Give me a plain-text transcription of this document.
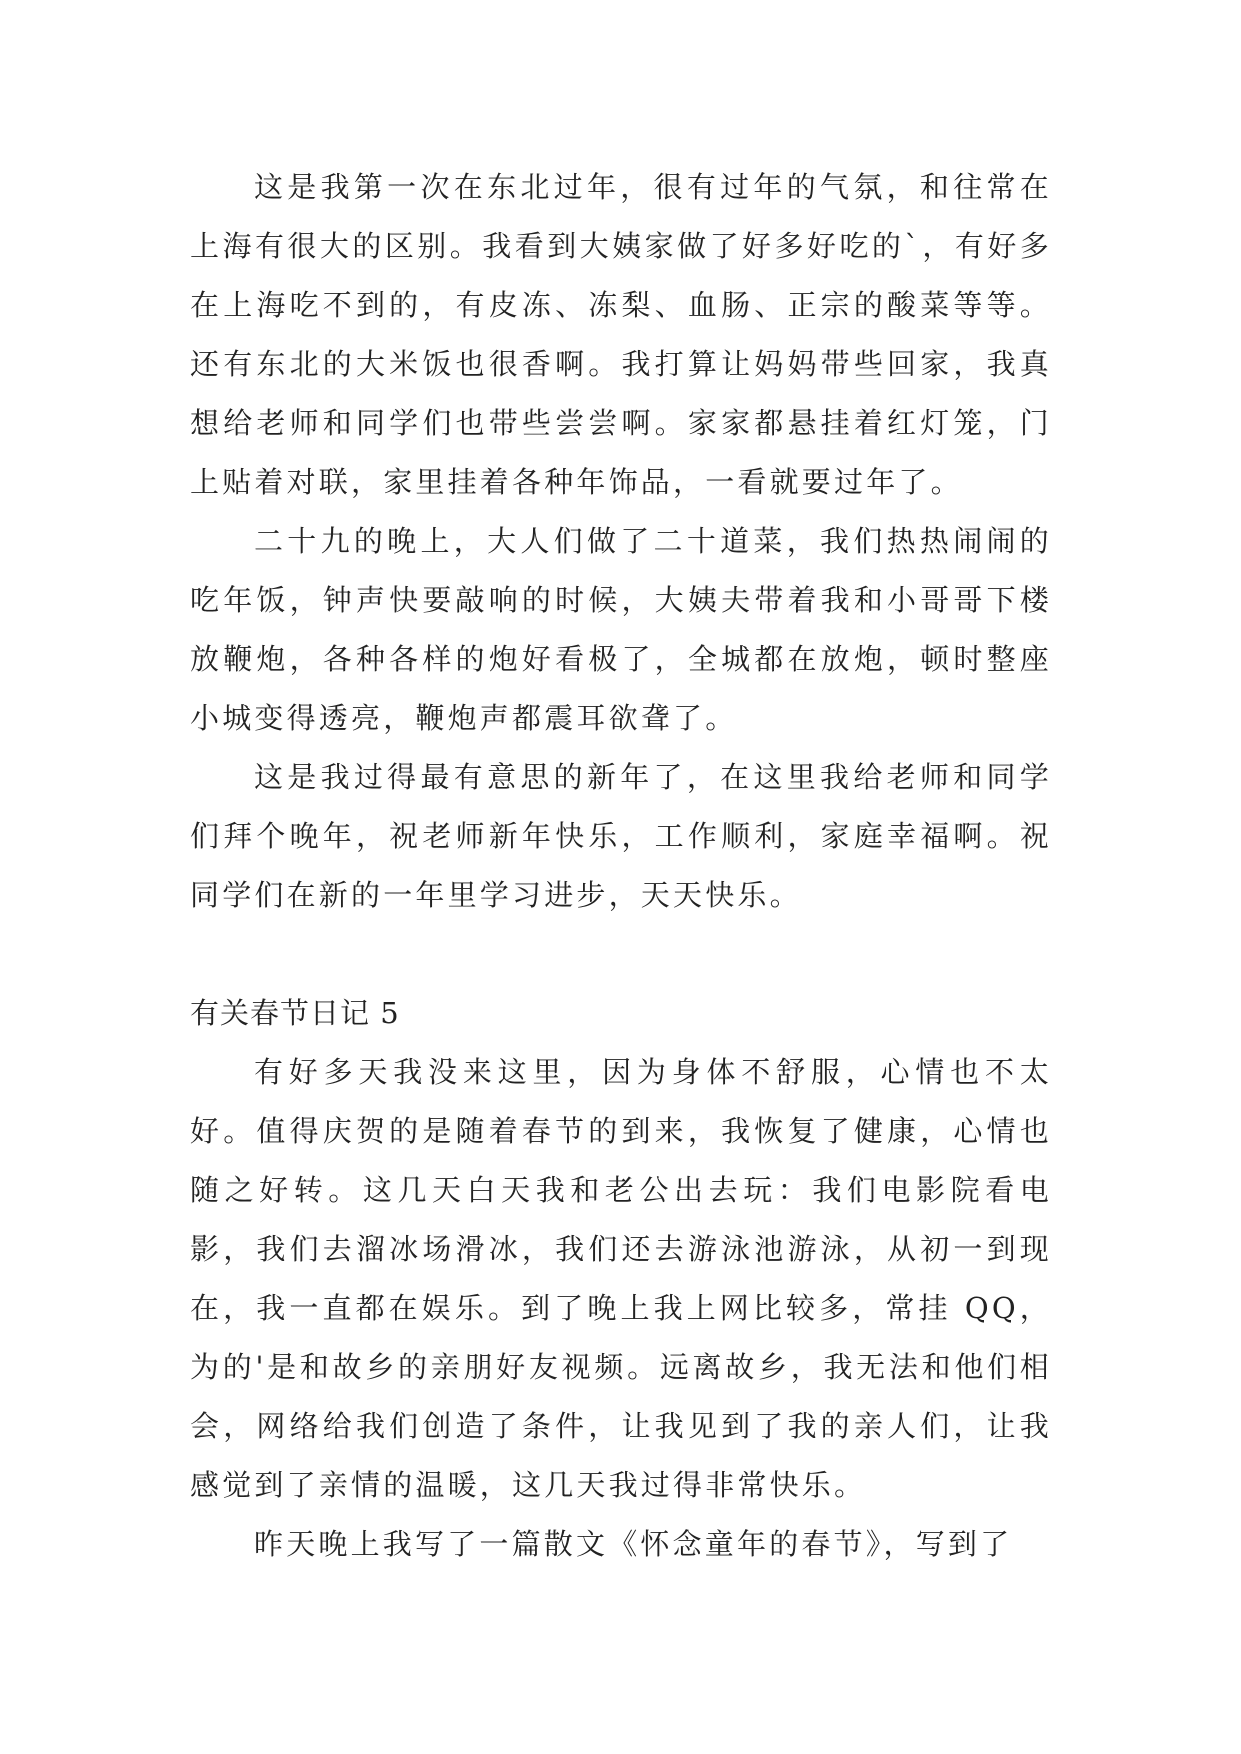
这是我第一次在东北过年，很有过年的气氛，和往常在上海有很大的区别。我看到大姨家做了好多好吃的`，有好多在上海吃不到的，有皮冻、冻梨、血肠、正宗的酸菜等等。还有东北的大米饭也很香啊。我打算让妈妈带些回家，我真想给老师和同学们也带些尝尝啊。家家都悬挂着红灯笼，门上贴着对联，家里挂着各种年饰品，一看就要过年了。

二十九的晚上，大人们做了二十道菜，我们热热闹闹的吃年饭，钟声快要敲响的时候，大姨夫带着我和小哥哥下楼放鞭炮，各种各样的炮好看极了，全城都在放炮，顿时整座小城变得透亮，鞭炮声都震耳欲聋了。

这是我过得最有意思的新年了，在这里我给老师和同学们拜个晚年，祝老师新年快乐，工作顺利，家庭幸福啊。祝同学们在新的一年里学习进步，天天快乐。

有关春节日记 5

有好多天我没来这里，因为身体不舒服，心情也不太好。值得庆贺的是随着春节的到来，我恢复了健康，心情也随之好转。这几天白天我和老公出去玩：我们电影院看电影，我们去溜冰场滑冰，我们还去游泳池游泳，从初一到现在，我一直都在娱乐。到了晚上我上网比较多，常挂 QQ，为的'是和故乡的亲朋好友视频。远离故乡，我无法和他们相会，网络给我们创造了条件，让我见到了我的亲人们，让我感觉到了亲情的温暖，这几天我过得非常快乐。

昨天晚上我写了一篇散文《怀念童年的春节》，写到了
